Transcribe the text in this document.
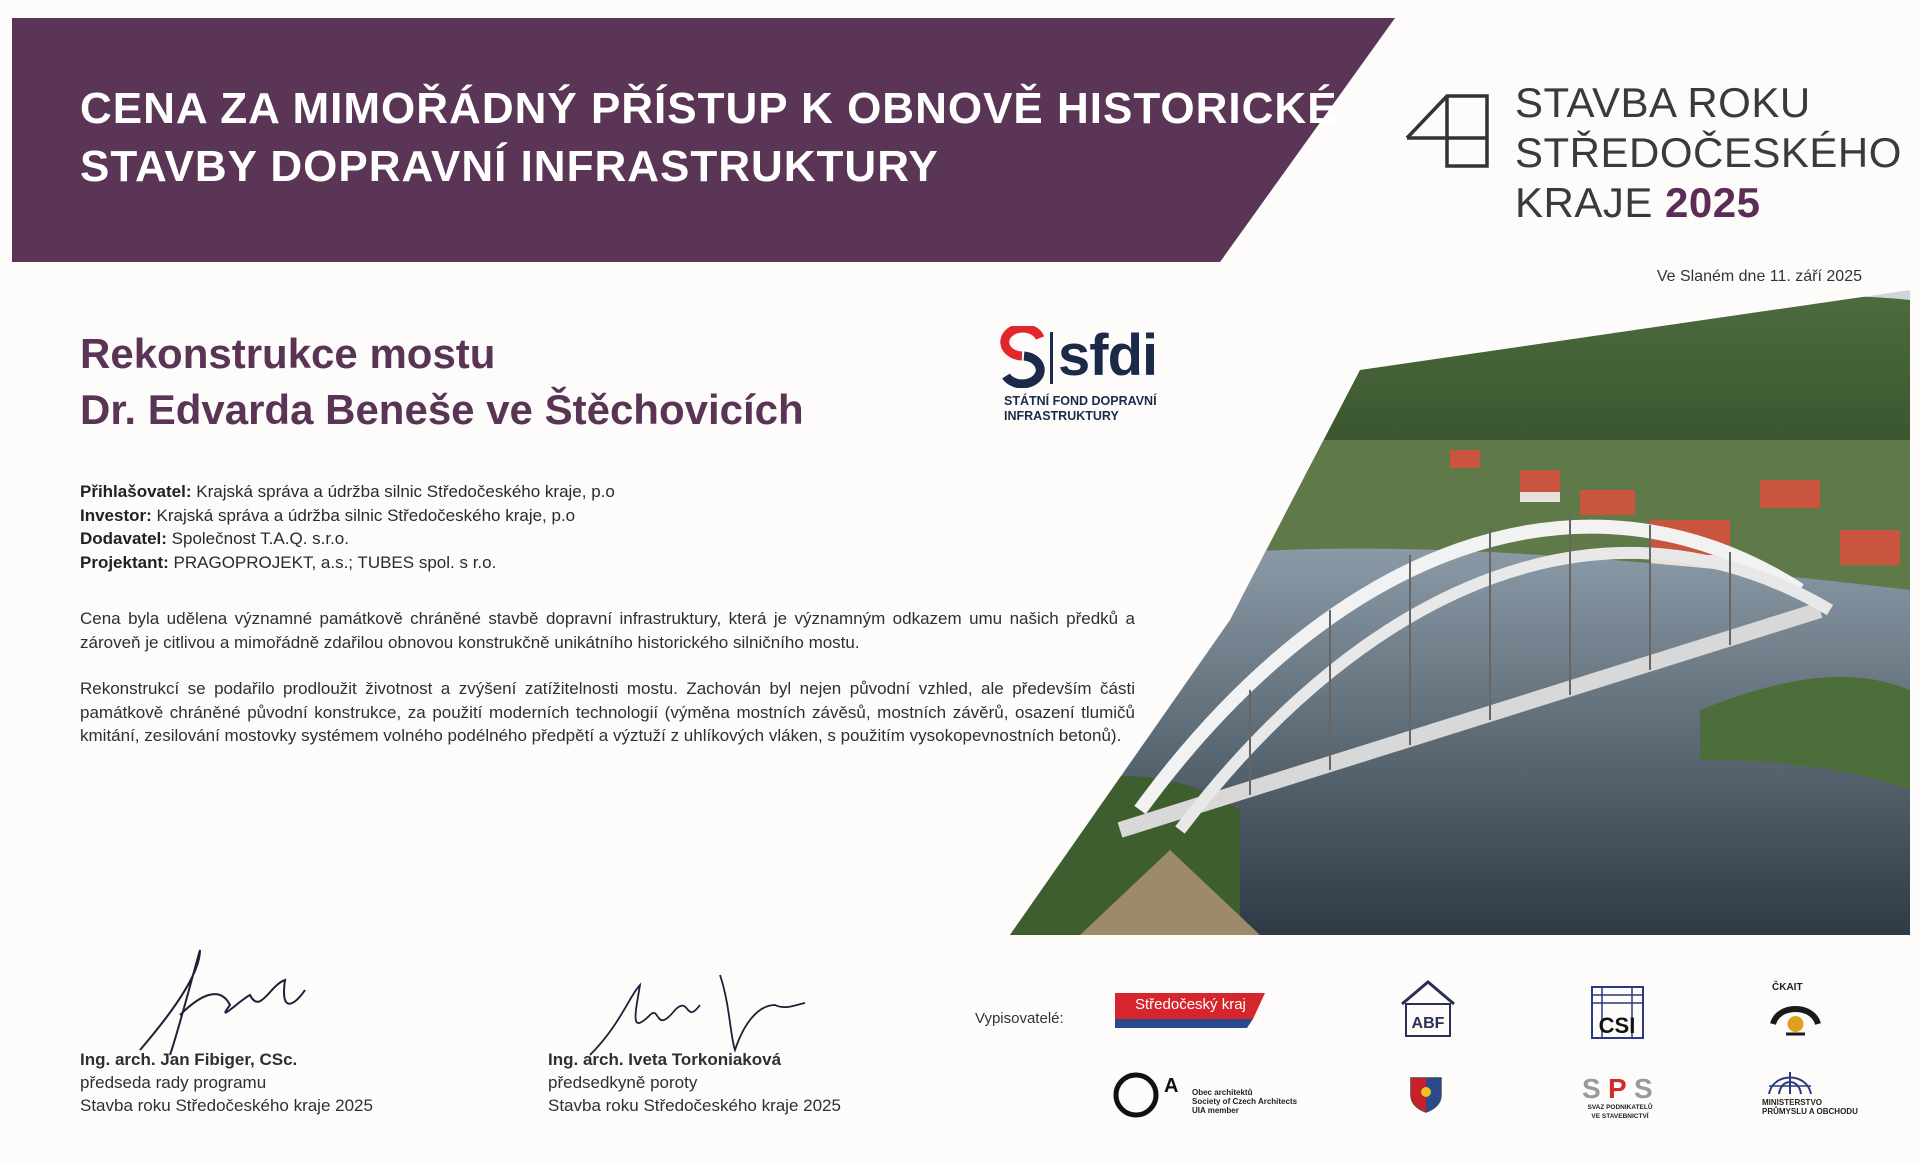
CENA ZA MIMOŘÁDNÝ PŘÍSTUP K OBNOVĚ HISTORICKÉ
STAVBY DOPRAVNÍ INFRASTRUKTURY
STAVBA ROKU
STŘEDOČESKÉHO
KRAJE 2025
Ve Slaném dne 11. září 2025
Rekonstrukce mostu
Dr. Edvarda Beneše ve Štěchovicích
sfdi
STÁTNÍ FOND DOPRAVNÍ
INFRASTRUKTURY
Přihlašovatel: Krajská správa a údržba silnic Středočeského kraje, p.o
Investor: Krajská správa a údržba silnic Středočeského kraje, p.o
Dodavatel: Společnost T.A.Q. s.r.o.
Projektant: PRAGOPROJEKT, a.s.; TUBES spol. s r.o.

Cena byla udělena významné památkově chráněné stavbě dopravní infrastruktury, která je významným odkazem umu našich předků a zároveň je citlivou a mimořádně zdařilou obnovou konstrukčně unikátního historického silničního mostu.

Rekonstrukcí se podařilo prodloužit životnost a zvýšení zatížitelnosti mostu. Zachován byl nejen původní vzhled, ale především části památkově chráněné původní konstrukce, za použití moderních technologií (výměna mostních závěsů, mostních závěrů, osazení tlumičů kmitání, zesilování mostovky systémem volného podélného předpětí a výztuží z uhlíkových vláken, s použitím vysokopevnostních betonů).

Ing. arch. Jan Fibiger, CSc.
předseda rady programu
Stavba roku Středočeského kraje 2025
Ing. arch. Iveta Torkoniaková
předsedkyně poroty
Stavba roku Středočeského kraje 2025
Vypisovatelé:
Středočeský kraj
ABF	CSI
ČKAIT
A Obec architektů
Society of Czech Architects
UIA member
S P S
SVAZ PODNIKATELŮ
VE STAVEBNICTVÍ
MINISTERSTVO
PRŮMYSLU A OBCHODU
